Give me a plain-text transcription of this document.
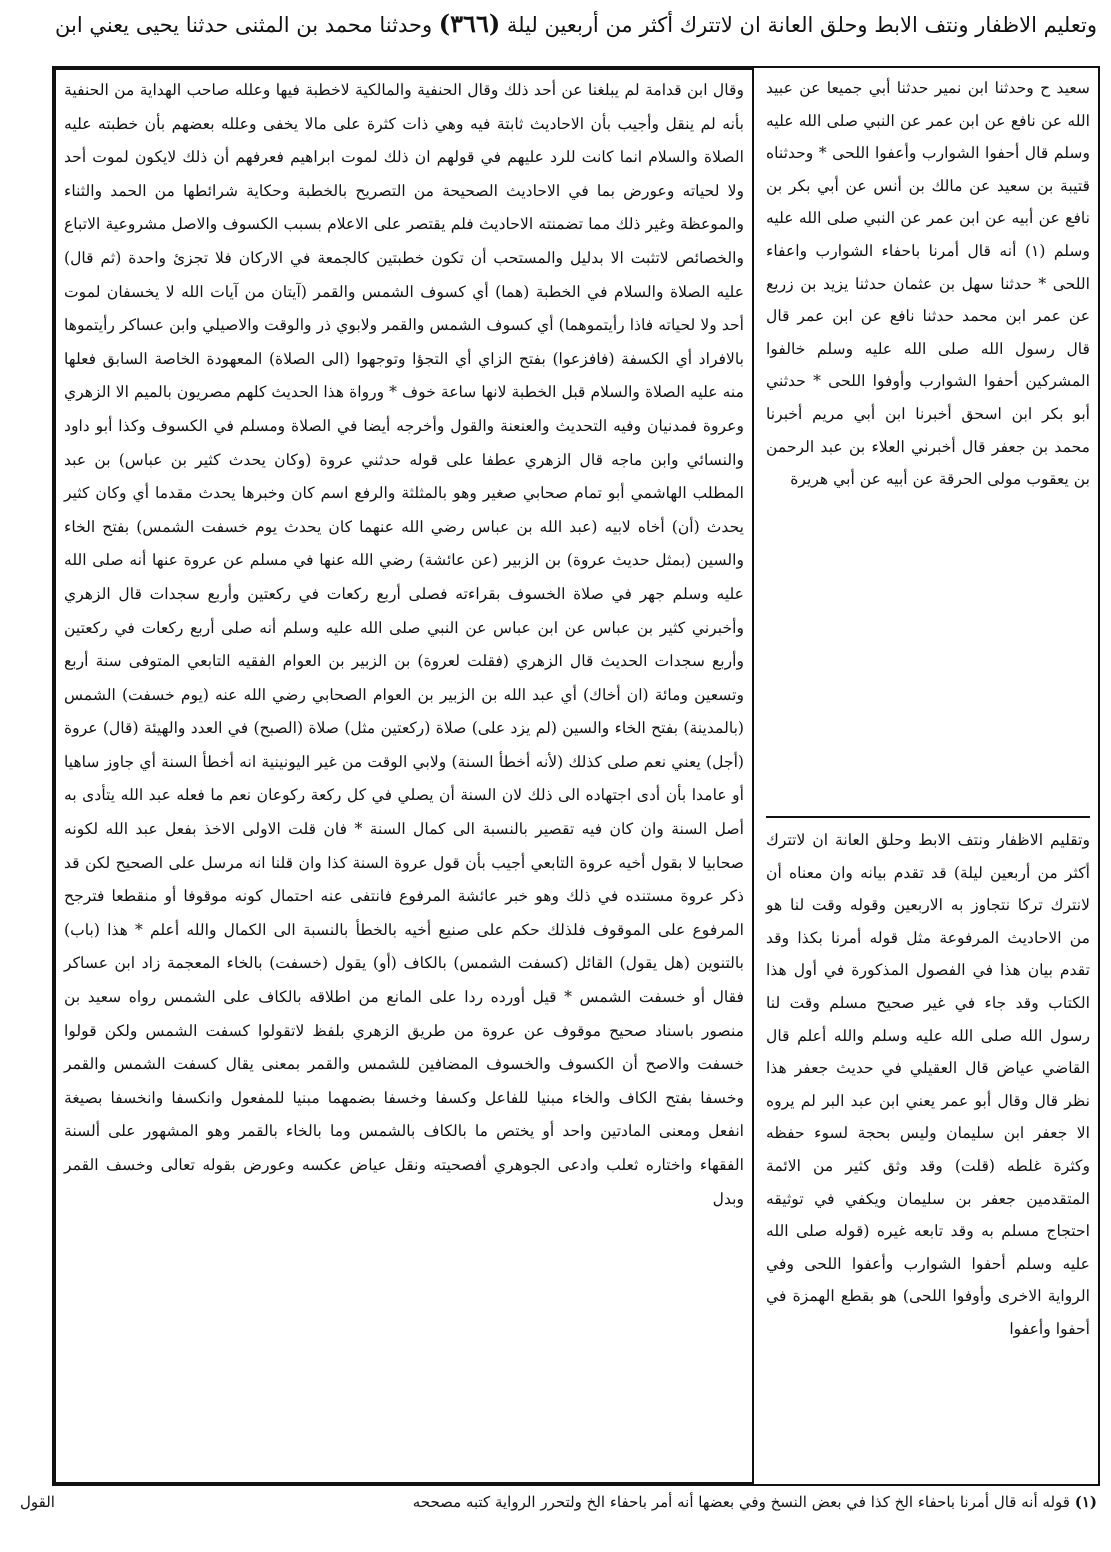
وتعليم الاظفار ونتف الابط وحلق العانة ان لاتترك أكثر من أربعين ليلة (٣٦٦) وحدثنا محمد بن المثنى حدثنا يحيى يعني ابن
سعيد ح وحدثنا ابن نمير حدثنا أبي جميعا عن عبيد الله عن نافع عن ابن عمر عن النبي صلى الله عليه وسلم قال أحفوا الشوارب وأعفوا اللحى * وحدثناه قتيبة بن سعيد عن مالك بن أنس عن أبي بكر بن نافع عن أبيه عن ابن عمر عن النبي صلى الله عليه وسلم (١) أنه قال أمرنا باحفاء الشوارب واعفاء اللحى * حدثنا سهل بن عثمان حدثنا يزيد بن زريع عن عمر ابن محمد حدثنا نافع عن ابن عمر قال قال رسول الله صلى الله عليه وسلم خالفوا المشركين أحفوا الشوارب وأوفوا اللحى * حدثني أبو بكر ابن اسحق أخبرنا ابن أبي مريم أخبرنا محمد بن جعفر قال أخبرني العلاء بن عبد الرحمن بن يعقوب مولى الحرقة عن أبيه عن أبي هريرة
وتقليم الاظفار ونتف الابط وحلق العانة ان لاتترك أكثر من أربعين ليلة) قد تقدم بيانه وان معناه أن لانترك تركا نتجاوز به الاربعين وقوله وقت لنا هو من الاحاديث المرفوعة مثل قوله أمرنا بكذا وقد تقدم بيان هذا في الفصول المذكورة في أول هذا الكتاب وقد جاء في غير صحيح مسلم وقت لنا رسول الله صلى الله عليه وسلم والله أعلم قال القاضي عياض قال العقيلي في حديث جعفر هذا نظر قال وقال أبو عمر يعني ابن عبد البر لم يروه الا جعفر ابن سليمان وليس بحجة لسوء حفظه وكثرة غلطه (قلت) وقد وثق كثير من الائمة المتقدمين جعفر بن سليمان ويكفي في توثيقه احتجاج مسلم به وقد تابعه غيره (قوله صلى الله عليه وسلم أحفوا الشوارب وأعفوا اللحى وفي الرواية الاخرى وأوفوا اللحى) هو بقطع الهمزة في أحفوا وأعفوا
وقال ابن قدامة لم يبلغنا عن أحد ذلك وقال الحنفية والمالكية لاخطبة فيها وعلله صاحب الهداية من الحنفية بأنه لم ينقل وأجيب بأن الاحاديث ثابتة فيه وهي ذات كثرة على مالا يخفى وعلله بعضهم بأن خطبته عليه الصلاة والسلام انما كانت للرد عليهم في قولهم ان ذلك لموت ابراهيم فعرفهم أن ذلك لايكون لموت أحد ولا لحياته وعورض بما في الاحاديث الصحيحة من التصريح بالخطبة وحكاية شرائطها من الحمد والثناء والموعظة وغير ذلك مما تضمنته الاحاديث فلم يقتصر على الاعلام بسبب الكسوف والاصل مشروعية الاتباع والخصائص لاتثبت الا بدليل والمستحب أن تكون خطبتين كالجمعة في الاركان فلا تجزئ واحدة (ثم قال) عليه الصلاة والسلام في الخطبة (هما) أي كسوف الشمس والقمر (آيتان من آيات الله لا يخسفان لموت أحد ولا لحياته فاذا رأيتموهما) أي كسوف الشمس والقمر ولابوي ذر والوقت والاصيلي وابن عساكر رأيتموها بالافراد أي الكسفة (فافزعوا) بفتح الزاي أي التجؤا وتوجهوا (الى الصلاة) المعهودة الخاصة السابق فعلها منه عليه الصلاة والسلام قبل الخطبة لانها ساعة خوف * ورواة هذا الحديث كلهم مصريون بالميم الا الزهري وعروة فمدنيان وفيه التحديث والعنعنة والقول وأخرجه أيضا في الصلاة ومسلم في الكسوف وكذا أبو داود والنسائي وابن ماجه قال الزهري عطفا على قوله حدثني عروة (وكان يحدث كثير بن عباس) بن عبد المطلب الهاشمي أبو تمام صحابي صغير وهو بالمثلثة والرفع اسم كان وخبرها يحدث مقدما أي وكان كثير يحدث (أن) أخاه لابيه (عبد الله بن عباس رضي الله عنهما كان يحدث يوم خسفت الشمس) بفتح الخاء والسين (بمثل حديث عروة) بن الزبير (عن عائشة) رضي الله عنها في مسلم عن عروة عنها أنه صلى الله عليه وسلم جهر في صلاة الخسوف بقراءته فصلى أربع ركعات في ركعتين وأربع سجدات قال الزهري وأخبرني كثير بن عباس عن ابن عباس عن النبي صلى الله عليه وسلم أنه صلى أربع ركعات في ركعتين وأربع سجدات الحديث قال الزهري (فقلت لعروة) بن الزبير بن العوام الفقيه التابعي المتوفى سنة أربع وتسعين ومائة (ان أخاك) أي عبد الله بن الزبير بن العوام الصحابي رضي الله عنه (يوم خسفت) الشمس (بالمدينة) بفتح الخاء والسين (لم يزد على) صلاة (ركعتين مثل) صلاة (الصبح) في العدد والهيئة (قال) عروة (أجل) يعني نعم صلى كذلك (لأنه أخطأ السنة) ولابي الوقت من غير اليونينية انه أخطأ السنة أي جاوز ساهيا أو عامدا بأن أدى اجتهاده الى ذلك لان السنة أن يصلي في كل ركعة ركوعان نعم ما فعله عبد الله يتأدى به أصل السنة وان كان فيه تقصير بالنسبة الى كمال السنة * فان قلت الاولى الاخذ بفعل عبد الله لكونه صحابيا لا بقول أخيه عروة التابعي أجيب بأن قول عروة السنة كذا وان قلنا انه مرسل على الصحيح لكن قد ذكر عروة مستنده في ذلك وهو خبر عائشة المرفوع فانتفى عنه احتمال كونه موقوفا أو منقطعا فترجح المرفوع على الموقوف فلذلك حكم على صنيع أخيه بالخطأ بالنسبة الى الكمال والله أعلم * هذا (باب) بالتنوين (هل يقول) القائل (كسفت الشمس) بالكاف (أو) يقول (خسفت) بالخاء المعجمة زاد ابن عساكر فقال أو خسفت الشمس * قيل أورده ردا على المانع من اطلاقه بالكاف على الشمس رواه سعيد بن منصور باسناد صحيح موقوف عن عروة من طريق الزهري بلفظ لاتقولوا كسفت الشمس ولكن قولوا خسفت والاصح أن الكسوف والخسوف المضافين للشمس والقمر بمعنى يقال كسفت الشمس والقمر وخسفا بفتح الكاف والخاء مبنيا للفاعل وكسفا وخسفا بضمهما مبنيا للمفعول وانكسفا وانخسفا بصيغة انفعل ومعنى المادتين واحد أو يختص ما بالكاف بالشمس وما بالخاء بالقمر وهو المشهور على ألسنة الفقهاء واختاره ثعلب وادعى الجوهري أفصحيته ونقل عياض عكسه وعورض بقوله تعالى وخسف القمر وبدل
(١) قوله أنه قال أمرنا باحفاء الخ كذا في بعض النسخ وفي بعضها أنه أمر باحفاء الخ ولتحرر الرواية كتبه مصححه
القول
